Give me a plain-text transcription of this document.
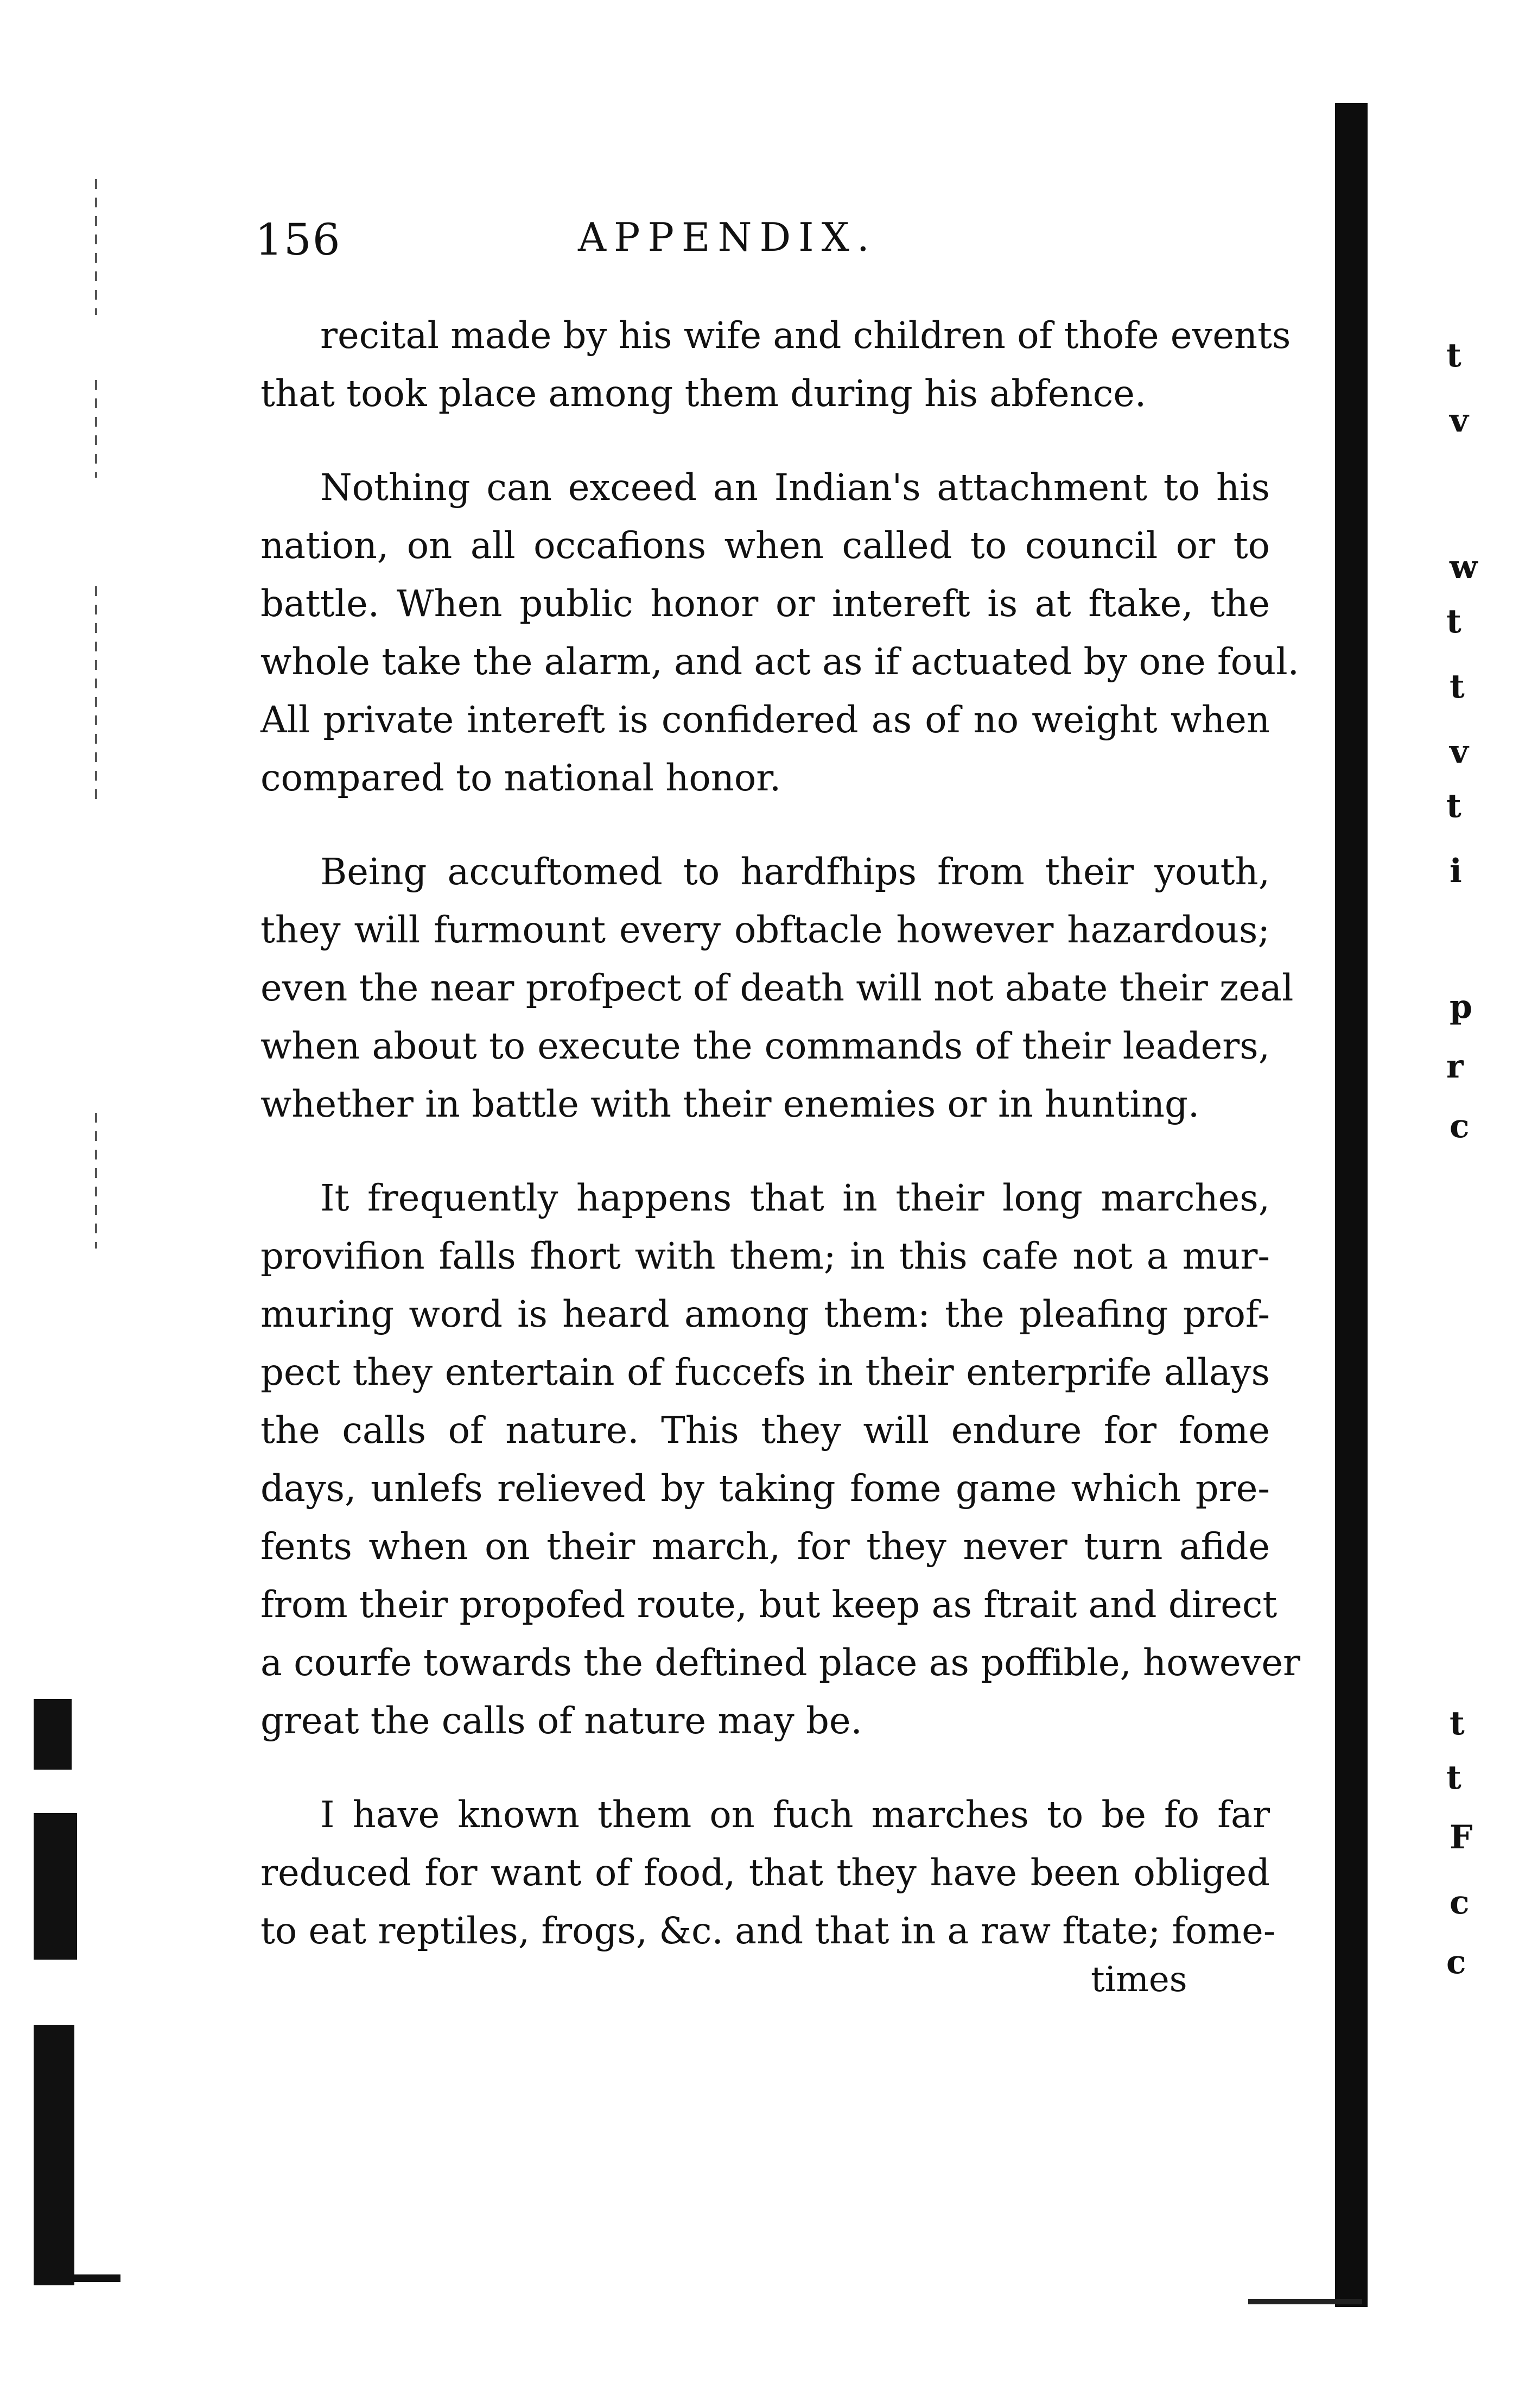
156	APPENDIX.
recital made by his wife and children of thofe events
that took place among them during his abfence.
Nothing can exceed an Indian's attachment to his
nation, on all occafions when called to council or to
battle. When public honor or intereft is at ftake, the
whole take the alarm, and act as if actuated by one foul.
All private intereft is confidered as of no weight when
compared to national honor.
Being accuftomed to hardfhips from their youth,
they will furmount every obftacle however hazardous;
even the near profpect of death will not abate their zeal
when about to execute the commands of their leaders,
whether in battle with their enemies or in hunting.
It frequently happens that in their long marches,
provifion falls fhort with them; in this cafe not a mur-
muring word is heard among them: the pleafing prof-
pect they entertain of fuccefs in their enterprife allays
the calls of nature. This they will endure for fome
days, unlefs relieved by taking fome game which pre-
fents when on their march, for they never turn afide
from their propofed route, but keep as ftrait and direct
a courfe towards the deftined place as poffible, however
great the calls of nature may be.
I have known them on fuch marches to be fo far
reduced for want of food, that they have been obliged
to eat reptiles, frogs, &c. and that in a raw ftate; fome-
times
t
v
w
t
t
v
t
i
p
r
c
t
t
F
c
c
